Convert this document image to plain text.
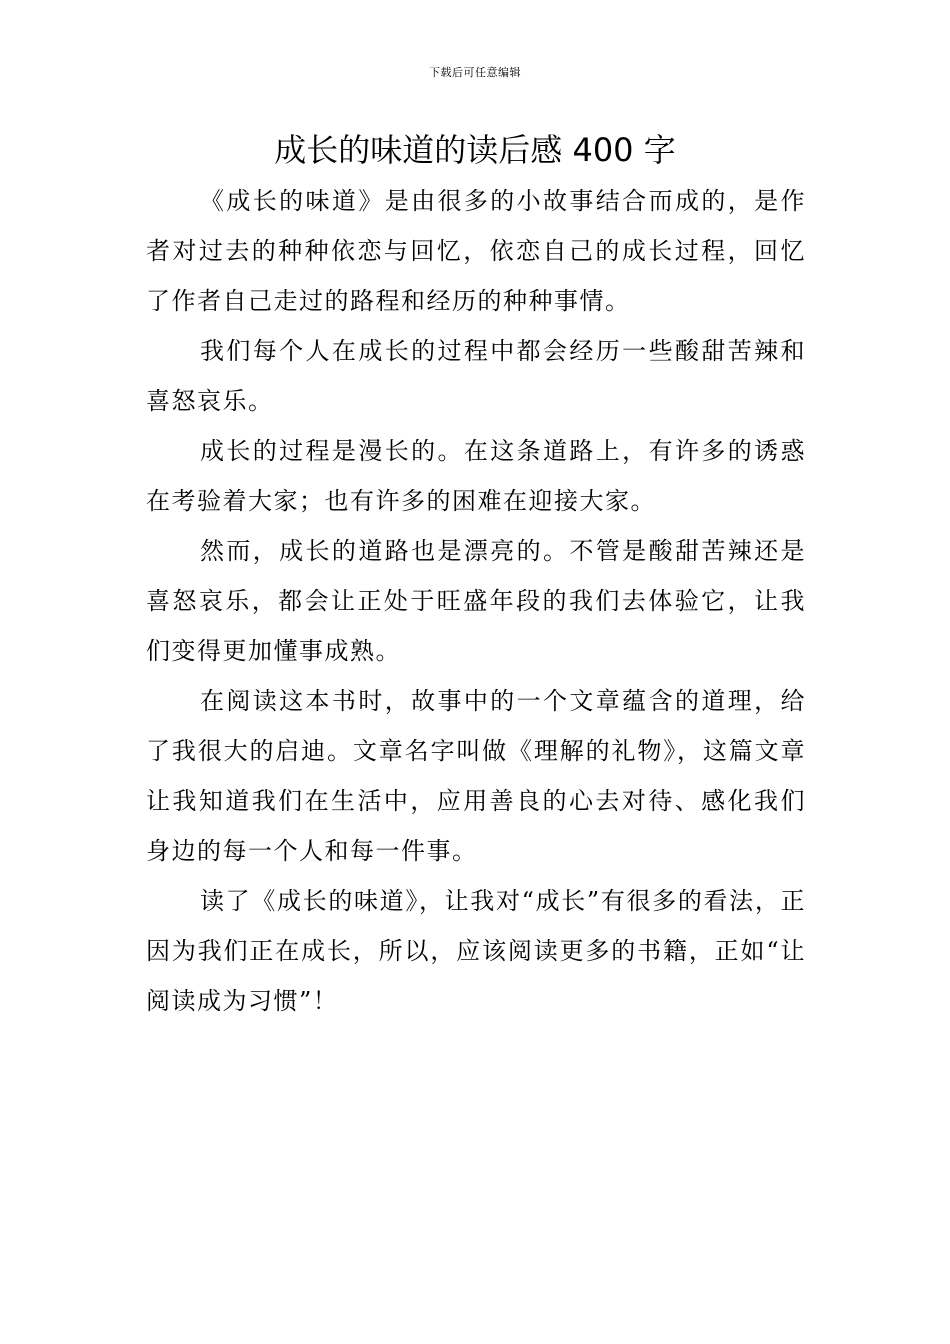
下载后可任意编辑
成长的味道的读后感 400 字

《成长的味道》是由很多的小故事结合而成的，是作者对过去的种种依恋与回忆，依恋自己的成长过程，回忆了作者自己走过的路程和经历的种种事情。

我们每个人在成长的过程中都会经历一些酸甜苦辣和喜怒哀乐。

成长的过程是漫长的。在这条道路上，有许多的诱惑在考验着大家；也有许多的困难在迎接大家。

然而，成长的道路也是漂亮的。不管是酸甜苦辣还是喜怒哀乐，都会让正处于旺盛年段的我们去体验它，让我们变得更加懂事成熟。

在阅读这本书时，故事中的一个文章蕴含的道理，给了我很大的启迪。文章名字叫做《理解的礼物》，这篇文章让我知道我们在生活中，应用善良的心去对待、感化我们身边的每一个人和每一件事。

读了《成长的味道》，让我对“成长”有很多的看法，正因为我们正在成长，所以，应该阅读更多的书籍，正如“让阅读成为习惯”！
